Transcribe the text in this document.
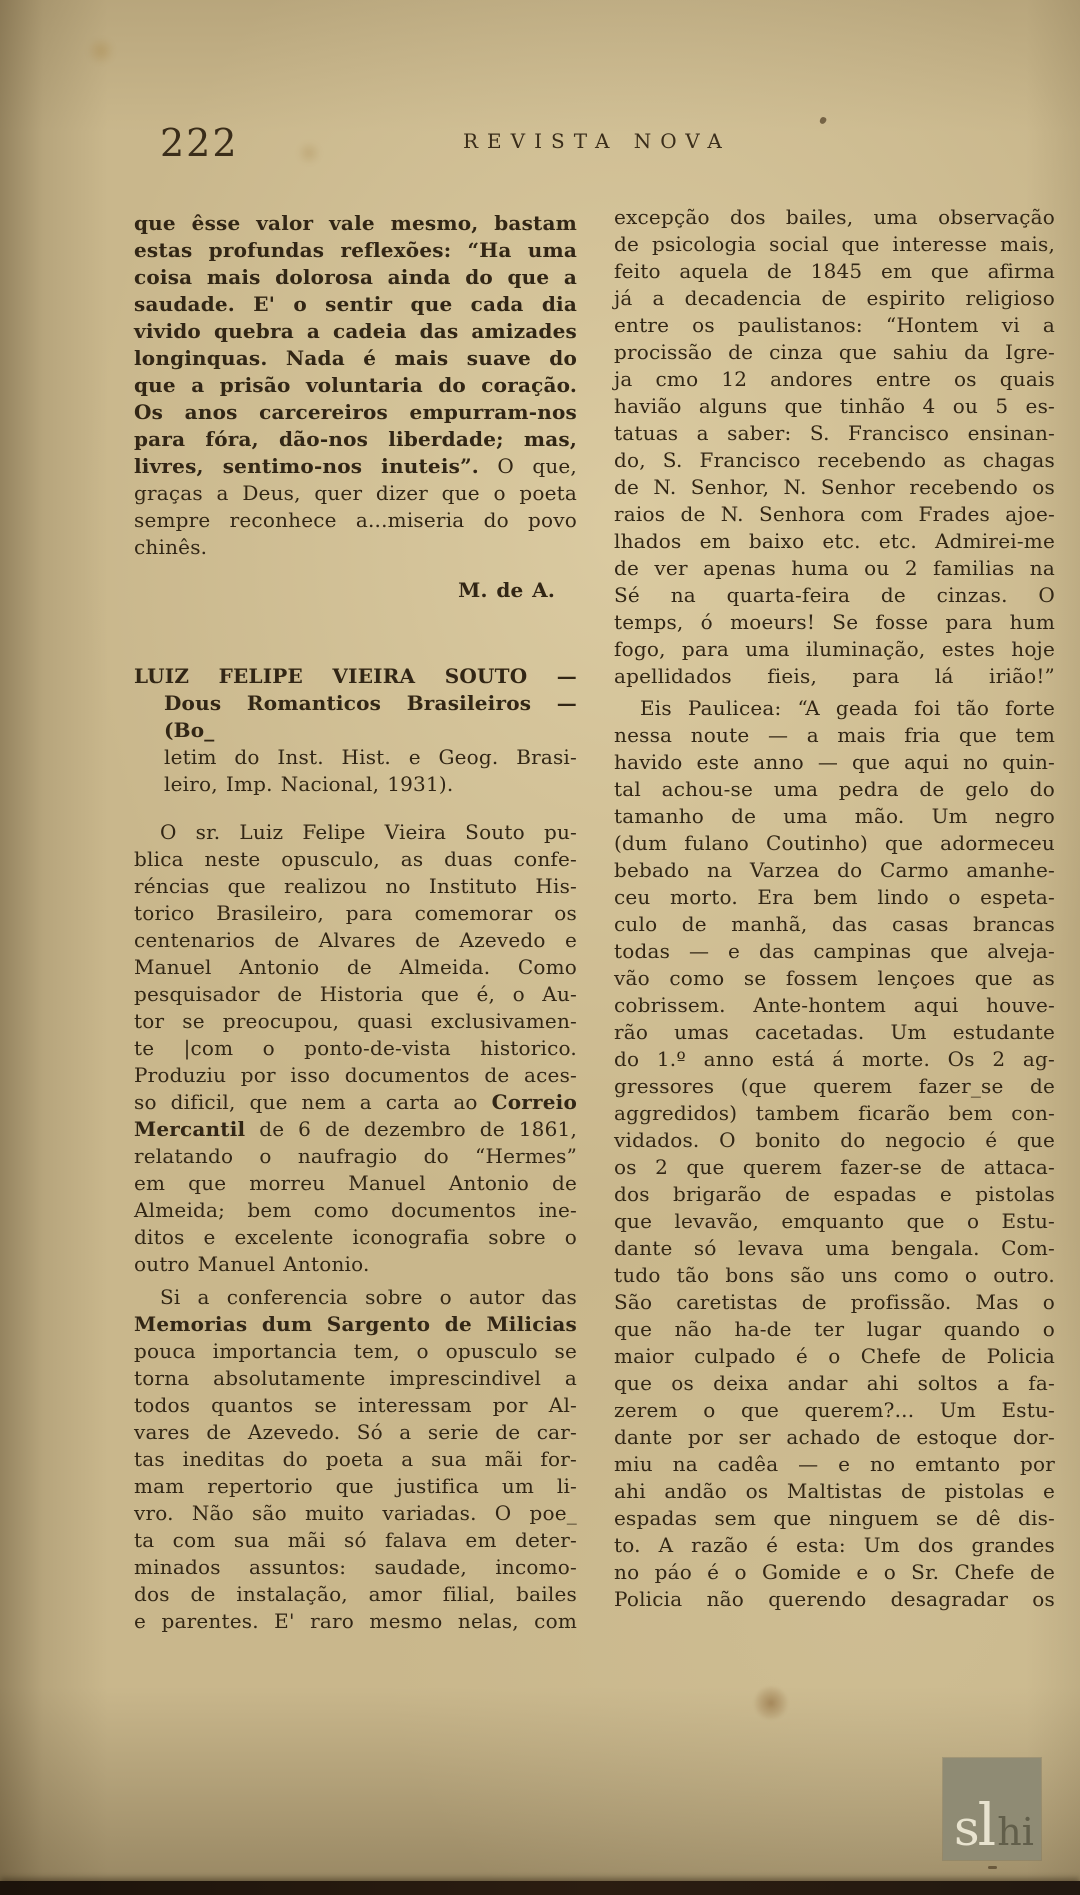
222	REVISTA NOVA
que êsse valor vale mesmo, bastam
estas profundas reflexões: “Ha uma
coisa mais dolorosa ainda do que a
saudade. E' o sentir que cada dia
vivido quebra a cadeia das amizades
longinquas. Nada é mais suave do
que a prisão voluntaria do coração.
Os anos carcereiros empurram-nos
para fóra, dão-nos liberdade; mas,
livres, sentimo-nos inuteis”. O que,
graças a Deus, quer dizer que o poeta
sempre reconhece a...miseria do povo
chinês.
M. de A.
LUIZ FELIPE VIEIRA SOUTO —
Dous Romanticos Brasileiros — (Bo_
letim do Inst. Hist. e Geog. Brasi-
leiro, Imp. Nacional, 1931).
O sr. Luiz Felipe Vieira Souto pu-
blica neste opusculo, as duas confe-
réncias que realizou no Instituto His-
torico Brasileiro, para comemorar os
centenarios de Alvares de Azevedo e
Manuel Antonio de Almeida. Como
pesquisador de Historia que é, o Au-
tor se preocupou, quasi exclusivamen-
te |com o ponto-de-vista historico.
Produziu por isso documentos de aces-
so dificil, que nem a carta ao Correio
Mercantil de 6 de dezembro de 1861,
relatando o naufragio do “Hermes”
em que morreu Manuel Antonio de
Almeida; bem como documentos ine-
ditos e excelente iconografia sobre o
outro Manuel Antonio.
Si a conferencia sobre o autor das
Memorias dum Sargento de Milicias
pouca importancia tem, o opusculo se
torna absolutamente imprescindivel a
todos quantos se interessam por Al-
vares de Azevedo. Só a serie de car-
tas ineditas do poeta a sua mãi for-
mam repertorio que justifica um li-
vro. Não são muito variadas. O poe_
ta com sua mãi só falava em deter-
minados assuntos: saudade, incomo-
dos de instalação, amor filial, bailes
e parentes. E' raro mesmo nelas, com
excepção dos bailes, uma observação
de psicologia social que interesse mais,
feito aquela de 1845 em que afirma
já a decadencia de espirito religioso
entre os paulistanos: “Hontem vi a
procissão de cinza que sahiu da Igre-
ja cmo 12 andores entre os quais
havião alguns que tinhão 4 ou 5 es-
tatuas a saber: S. Francisco ensinan-
do, S. Francisco recebendo as chagas
de N. Senhor, N. Senhor recebendo os
raios de N. Senhora com Frades ajoe-
lhados em baixo etc. etc. Admirei-me
de ver apenas huma ou 2 familias na
Sé na quarta-feira de cinzas. O
temps, ó moeurs! Se fosse para hum
fogo, para uma iluminação, estes hoje
apellidados fieis, para lá irião!”
Eis Paulicea: “A geada foi tão forte
nessa noute — a mais fria que tem
havido este anno — que aqui no quin-
tal achou-se uma pedra de gelo do
tamanho de uma mão. Um negro
(dum fulano Coutinho) que adormeceu
bebado na Varzea do Carmo amanhe-
ceu morto. Era bem lindo o espeta-
culo de manhã, das casas brancas
todas — e das campinas que alveja-
vão como se fossem lençoes que as
cobrissem. Ante-hontem aqui houve-
rão umas cacetadas. Um estudante
do 1.º anno está á morte. Os 2 ag-
gressores (que querem fazer_se de
aggredidos) tambem ficarão bem con-
vidados. O bonito do negocio é que
os 2 que querem fazer-se de attaca-
dos brigarão de espadas e pistolas
que levavão, emquanto que o Estu-
dante só levava uma bengala. Com-
tudo tão bons são uns como o outro.
São caretistas de profissão. Mas o
que não ha-de ter lugar quando o
maior culpado é o Chefe de Policia
que os deixa andar ahi soltos a fa-
zerem o que querem?... Um Estu-
dante por ser achado de estoque dor-
miu na cadêa — e no emtanto por
ahi andão os Maltistas de pistolas e
espadas sem que ninguem se dê dis-
to. A razão é esta: Um dos grandes
no páo é o Gomide e o Sr. Chefe de
Policia não querendo desagradar os
slhi
